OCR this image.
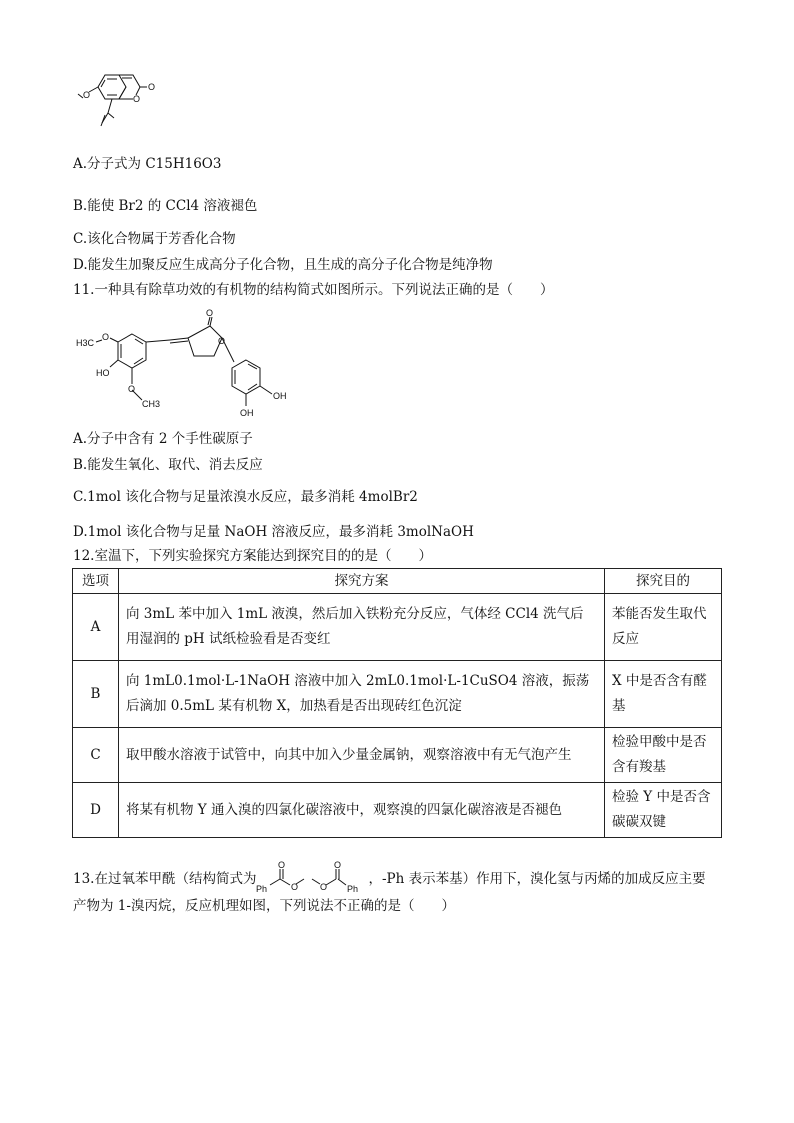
O	O
O
A.分子式为 C15H16O3
B.能使 Br2 的 CCl4 溶液褪色
C.该化合物属于芳香化合物
D.能发生加聚反应生成高分子化合物，且生成的高分子化合物是纯净物
11.一种具有除草功效的有机物的结构简式如图所示。下列说法正确的是（　　）
O
O
H3C
O
HO
O
CH3
OH
OH
A.分子中含有 2 个手性碳原子
B.能发生氧化、取代、消去反应
C.1mol 该化合物与足量浓溴水反应，最多消耗 4molBr2
D.1mol 该化合物与足量 NaOH 溶液反应，最多消耗 3molNaOH
12.室温下，下列实验探究方案能达到探究目的的是（　　）
选项	探究方案	探究目的
A	向 3mL 苯中加入 1mL 液溴，然后加入铁粉充分反应，气体经 CCl4 洗气后用湿润的 pH 试纸检验看是否变红	苯能否发生取代反应
B	向 1mL0.1mol·L-1NaOH 溶液中加入 2mL0.1mol·L-1CuSO4 溶液，振荡后滴加 0.5mL 某有机物 X，加热看是否出现砖红色沉淀	X 中是否含有醛基
C	取甲酸水溶液于试管中，向其中加入少量金属钠，观察溶液中有无气泡产生	检验甲酸中是否含有羧基
D	将某有机物 Y 通入溴的四氯化碳溶液中，观察溴的四氯化碳溶液是否褪色	检验 Y 中是否含碳碳双键
13.在过氧苯甲酰（结构简式为
Ph
O
O O
O
Ph
，-Ph 表示苯基）作用下，溴化氢与丙烯的加成反应主要
产物为 1-溴丙烷，反应机理如图，下列说法不正确的是（　　）
